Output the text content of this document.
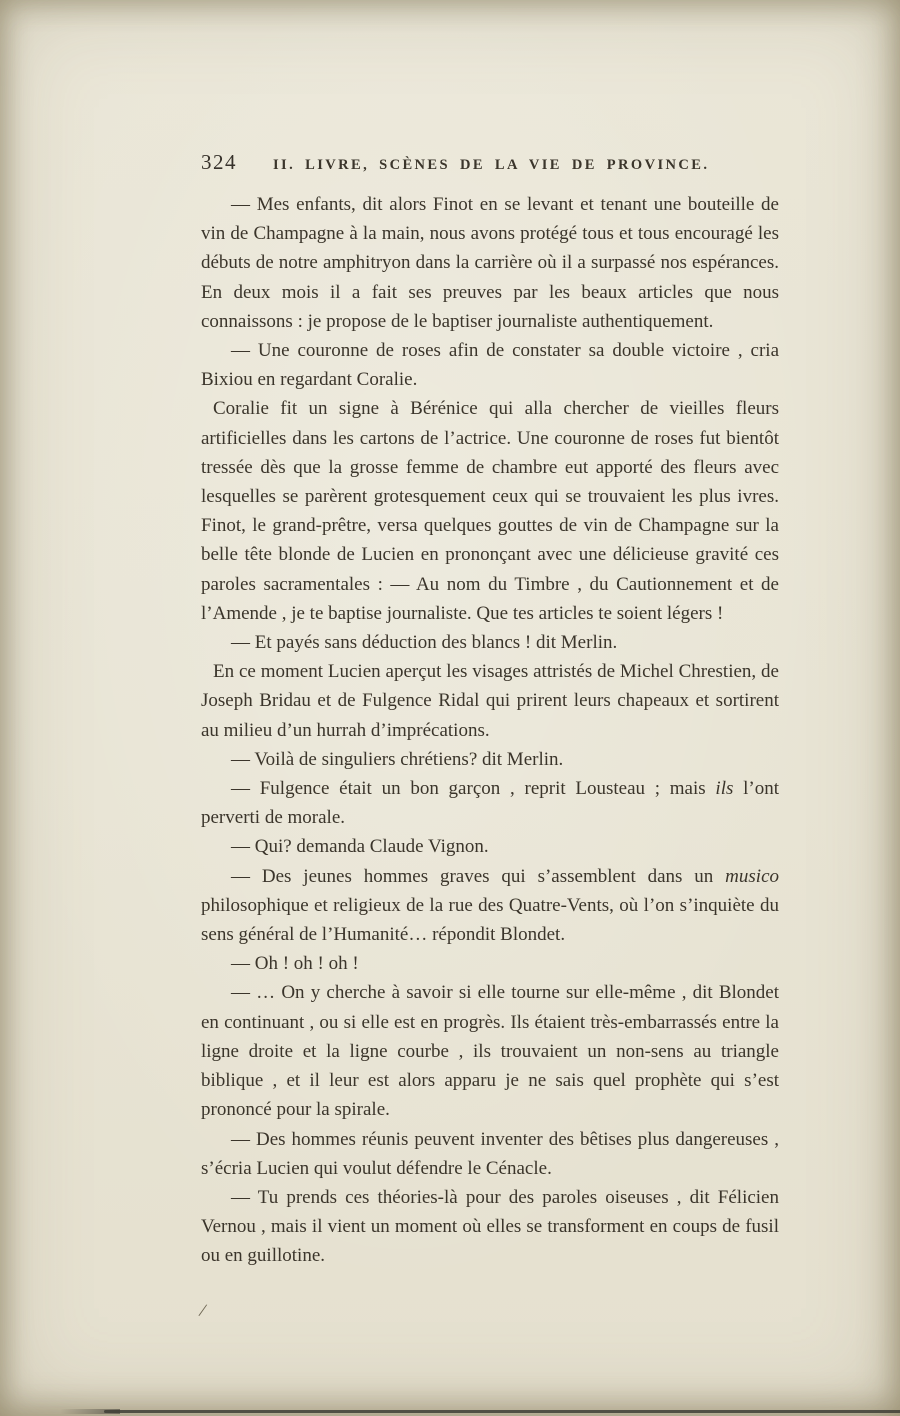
324 II. LIVRE, SCÈNES DE LA VIE DE PROVINCE.

— Mes enfants, dit alors Finot en se levant et tenant une bouteille de vin de Champagne à la main, nous avons protégé tous et tous encouragé les débuts de notre amphitryon dans la carrière où il a surpassé nos espérances. En deux mois il a fait ses preuves par les beaux articles que nous connaissons : je propose de le baptiser journaliste authentiquement.

— Une couronne de roses afin de constater sa double victoire , cria Bixiou en regardant Coralie.

Coralie fit un signe à Bérénice qui alla chercher de vieilles fleurs artificielles dans les cartons de l’actrice. Une couronne de roses fut bientôt tressée dès que la grosse femme de chambre eut apporté des fleurs avec lesquelles se parèrent grotesquement ceux qui se trouvaient les plus ivres. Finot, le grand-prêtre, versa quelques gouttes de vin de Champagne sur la belle tête blonde de Lucien en prononçant avec une délicieuse gravité ces paroles sacramentales : — Au nom du Timbre , du Cautionnement et de l’Amende , je te baptise journaliste. Que tes articles te soient légers !

— Et payés sans déduction des blancs ! dit Merlin.

En ce moment Lucien aperçut les visages attristés de Michel Chrestien, de Joseph Bridau et de Fulgence Ridal qui prirent leurs chapeaux et sortirent au milieu d’un hurrah d’imprécations.

— Voilà de singuliers chrétiens? dit Merlin.

— Fulgence était un bon garçon , reprit Lousteau ; mais ils l’ont perverti de morale.

— Qui? demanda Claude Vignon.

— Des jeunes hommes graves qui s’assemblent dans un musico philosophique et religieux de la rue des Quatre-Vents, où l’on s’inquiète du sens général de l’Humanité… répondit Blondet.

— Oh ! oh ! oh !

— … On y cherche à savoir si elle tourne sur elle-même , dit Blondet en continuant , ou si elle est en progrès. Ils étaient très-embarrassés entre la ligne droite et la ligne courbe , ils trouvaient un non-sens au triangle biblique , et il leur est alors apparu je ne sais quel prophète qui s’est prononcé pour la spirale.

— Des hommes réunis peuvent inventer des bêtises plus dangereuses , s’écria Lucien qui voulut défendre le Cénacle.

— Tu prends ces théories-là pour des paroles oiseuses , dit Félicien Vernou , mais il vient un moment où elles se transforment en coups de fusil ou en guillotine.

/
